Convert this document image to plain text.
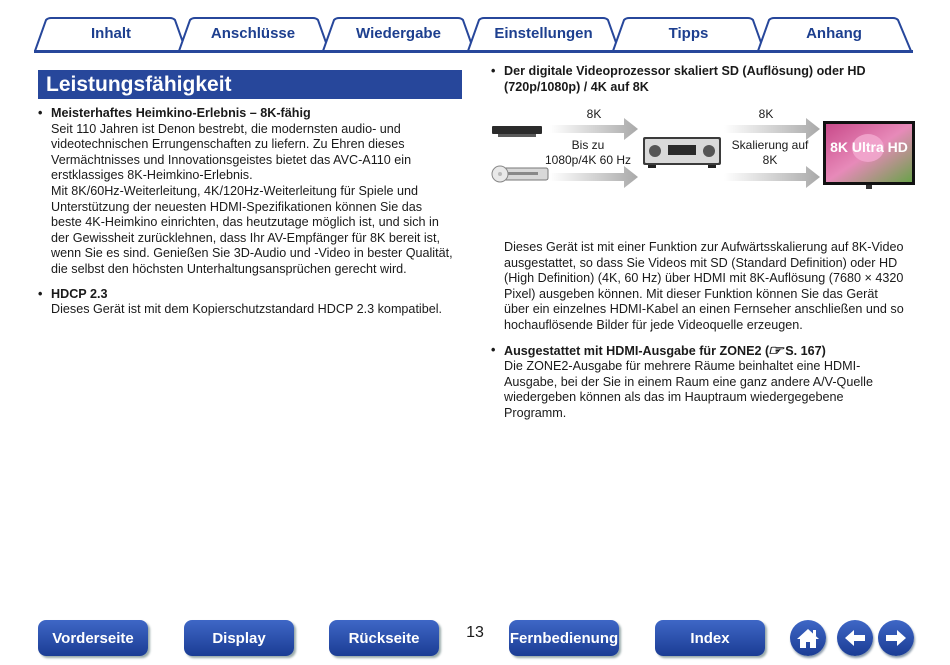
Inhalt	Anschlüsse	Wiedergabe	Einstellungen	Tipps	Anhang
Leistungsfähigkeit
• Meisterhaftes Heimkino-Erlebnis – 8K-fähig
Seit 110 Jahren ist Denon bestrebt, die modernsten audio- und
videotechnischen Errungenschaften zu liefern. Zu Ehren dieses
Vermächtnisses und Innovationsgeistes bietet das AVC-A110 ein
erstklassiges 8K-Heimkino-Erlebnis.
Mit 8K/60Hz-Weiterleitung, 4K/120Hz-Weiterleitung für Spiele und
Unterstützung der neuesten HDMI-Spezifikationen können Sie das
beste 4K-Heimkino einrichten, das heutzutage möglich ist, und sich in
der Gewissheit zurücklehnen, dass Ihr AV-Empfänger für 8K bereit ist,
wenn Sie es sind. Genießen Sie 3D-Audio und -Video in bester Qualität,
die selbst den höchsten Unterhaltungsansprüchen gerecht wird.
• HDCP 2.3
Dieses Gerät ist mit dem Kopierschutzstandard HDCP 2.3 kompatibel.
• Der digitale Videoprozessor skaliert SD (Auflösung) oder HD
(720p/1080p) / 4K auf 8K
8K Ultra HD
8K	8K
Bis zu
1080p/4K 60 Hz
Skalierung auf
8K
Dieses Gerät ist mit einer Funktion zur Aufwärtsskalierung auf 8K-Video
ausgestattet, so dass Sie Videos mit SD (Standard Definition) oder HD
(High Definition) (4K, 60 Hz) über HDMI mit 8K-Auflösung (7680 × 4320
Pixel) ausgeben können. Mit dieser Funktion können Sie das Gerät
über ein einzelnes HDMI-Kabel an einen Fernseher anschließen und so
hochauflösende Bilder für jede Videoquelle erzeugen.
• Ausgestattet mit HDMI-Ausgabe für ZONE2 (☞ S. 167)
Die ZONE2-Ausgabe für mehrere Räume beinhaltet eine HDMI-
Ausgabe, bei der Sie in einem Raum eine ganz andere A/V-Quelle
wiedergeben können als das im Hauptraum wiedergegebene
Programm.
Vorderseite	Display	Rückseite	13 Fernbedienung	Index
